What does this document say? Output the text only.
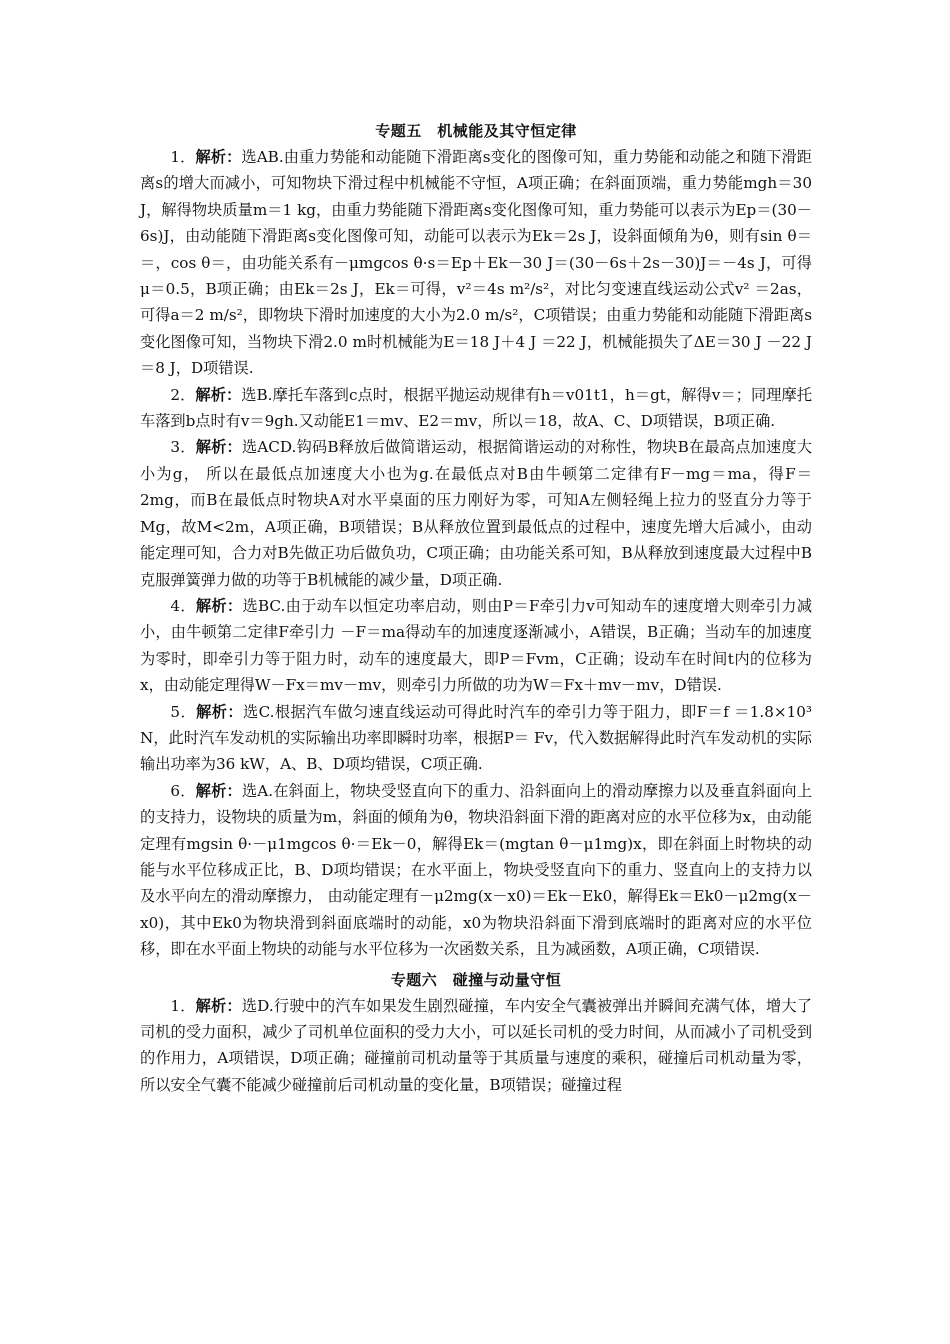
专题五　机械能及其守恒定律

1．解析：选AB.由重力势能和动能随下滑距离s变化的图像可知，重力势能和动能之和随下滑距离s的增大而减小，可知物块下滑过程中机械能不守恒，A项正确；在斜面顶端，重力势能mgh＝30 J，解得物块质量m＝1 kg，由重力势能随下滑距离s变化图像可知，重力势能可以表示为Ep＝(30－6s)J，由动能随下滑距离s变化图像可知，动能可以表示为Ek＝2s J，设斜面倾角为θ，则有sin θ＝＝，cos θ＝，由功能关系有－μmgcos θ·s＝Ep＋Ek－30 J＝(30－6s＋2s－30)J＝－4s J，可得μ＝0.5，B项正确；由Ek＝2s J，Ek＝可得，v²＝4s m²/s²，对比匀变速直线运动公式v² ＝2as，可得a＝2 m/s²，即物块下滑时加速度的大小为2.0 m/s²，C项错误；由重力势能和动能随下滑距离s变化图像可知，当物块下滑2.0 m时机械能为E＝18 J＋4 J ＝22 J，机械能损失了ΔE＝30 J －22 J＝8 J，D项错误.

2．解析：选B.摩托车落到c点时，根据平抛运动规律有h＝v01t1，h＝gt，解得v＝；同理摩托车落到b点时有v＝9gh.又动能E1＝mv、E2＝mv，所以＝18，故A、C、D项错误，B项正确.

3．解析：选ACD.钩码B释放后做简谐运动，根据简谐运动的对称性，物块B在最高点加速度大小为g， 所以在最低点加速度大小也为g.在最低点对B由牛顿第二定律有F－mg＝ma，得F＝2mg，而B在最低点时物块A对水平桌面的压力刚好为零，可知A左侧轻绳上拉力的竖直分力等于Mg，故M<2m，A项正确，B项错误；B从释放位置到最低点的过程中，速度先增大后减小，由动能定理可知，合力对B先做正功后做负功，C项正确；由功能关系可知，B从释放到速度最大过程中B克服弹簧弹力做的功等于B机械能的减少量，D项正确.

4．解析：选BC.由于动车以恒定功率启动，则由P＝F牵引力v可知动车的速度增大则牵引力减小，由牛顿第二定律F牵引力 －F＝ma得动车的加速度逐渐减小，A错误，B正确；当动车的加速度为零时，即牵引力等于阻力时，动车的速度最大，即P＝Fvm，C正确；设动车在时间t内的位移为x，由动能定理得W－Fx＝mv－mv，则牵引力所做的功为W＝Fx＋mv－mv，D错误.

5．解析：选C.根据汽车做匀速直线运动可得此时汽车的牵引力等于阻力，即F＝f ＝1.8×10³ N，此时汽车发动机的实际输出功率即瞬时功率，根据P＝ Fv，代入数据解得此时汽车发动机的实际输出功率为36 kW，A、B、D项均错误，C项正确.

6．解析：选A.在斜面上，物块受竖直向下的重力、沿斜面向上的滑动摩擦力以及垂直斜面向上的支持力，设物块的质量为m，斜面的倾角为θ，物块沿斜面下滑的距离对应的水平位移为x，由动能定理有mgsin θ·－μ1mgcos θ·＝Ek－0，解得Ek＝(mgtan θ－μ1mg)x，即在斜面上时物块的动能与水平位移成正比，B、D项均错误；在水平面上，物块受竖直向下的重力、竖直向上的支持力以及水平向左的滑动摩擦力， 由动能定理有－μ2mg(x－x0)＝Ek－Ek0，解得Ek＝Ek0－μ2mg(x－x0)，其中Ek0为物块滑到斜面底端时的动能，x0为物块沿斜面下滑到底端时的距离对应的水平位移，即在水平面上物块的动能与水平位移为一次函数关系，且为减函数，A项正确，C项错误.

专题六　碰撞与动量守恒

1．解析：选D.行驶中的汽车如果发生剧烈碰撞，车内安全气囊被弹出并瞬间充满气体，增大了司机的受力面积，减少了司机单位面积的受力大小，可以延长司机的受力时间，从而减小了司机受到的作用力，A项错误，D项正确；碰撞前司机动量等于其质量与速度的乘积，碰撞后司机动量为零，所以安全气囊不能减少碰撞前后司机动量的变化量，B项错误；碰撞过程
